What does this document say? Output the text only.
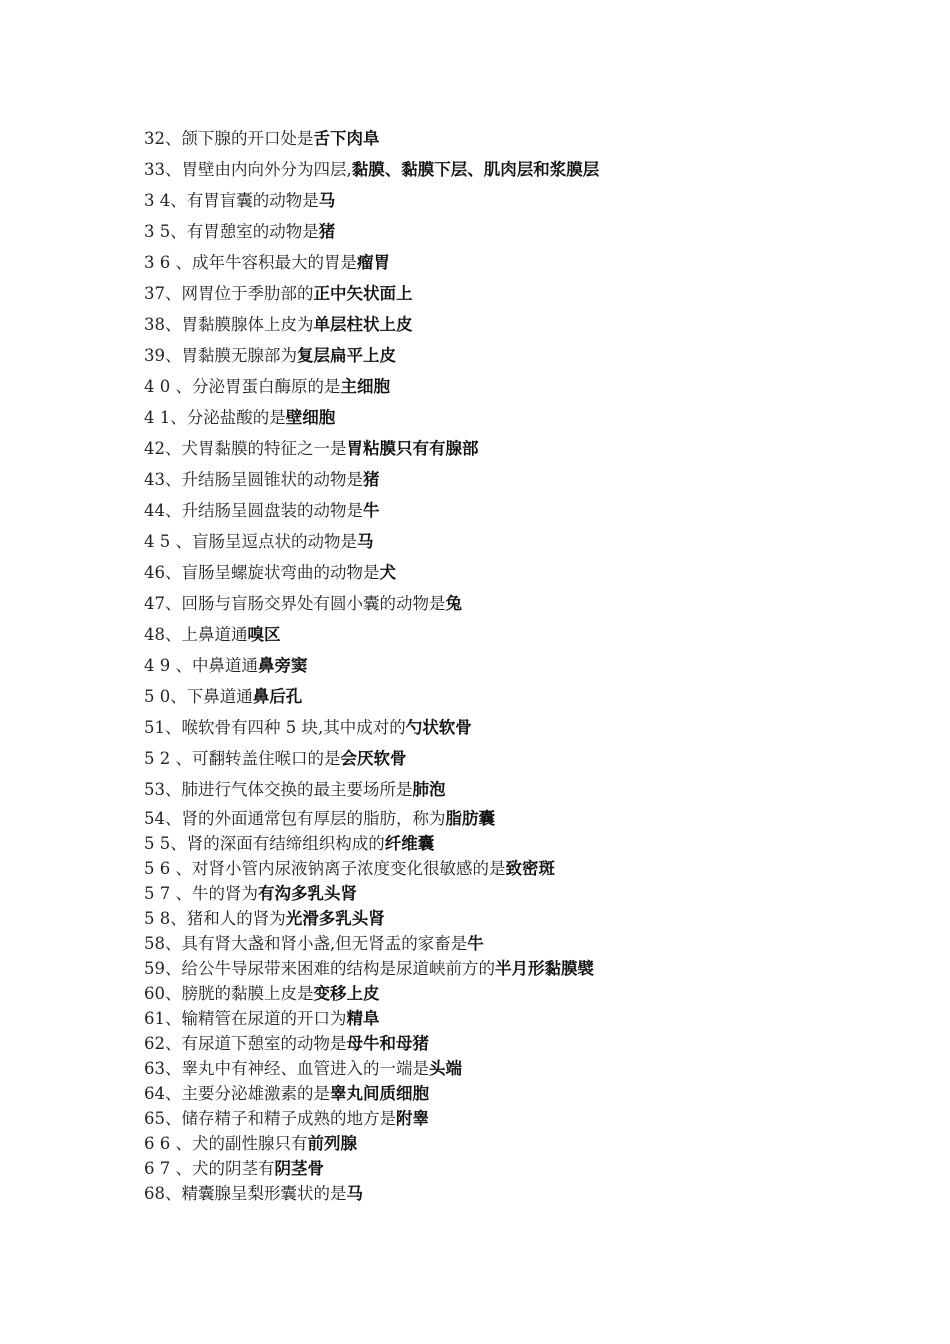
32、颌下腺的开口处是舌下肉阜
33、胃壁由内向外分为四层,黏膜、黏膜下层、肌肉层和浆膜层
3 4、有胃盲囊的动物是马
3 5、有胃憩室的动物是猪
3 6 、成年牛容积最大的胃是瘤胃
37、网胃位于季肋部的正中矢状面上
38、胃黏膜腺体上皮为单层柱状上皮
39、胃黏膜无腺部为复层扁平上皮
4 0 、分泌胃蛋白酶原的是主细胞
4 1、分泌盐酸的是壁细胞
42、犬胃黏膜的特征之一是胃粘膜只有有腺部
43、升结肠呈圆锥状的动物是猪
44、升结肠呈圆盘装的动物是牛
4 5 、盲肠呈逗点状的动物是马
46、盲肠呈螺旋状弯曲的动物是犬
47、回肠与盲肠交界处有圆小囊的动物是兔
48、上鼻道通嗅区
4 9 、中鼻道通鼻旁窦
5 0、下鼻道通鼻后孔
51、喉软骨有四种 5 块,其中成对的勺状软骨
5 2 、可翻转盖住喉口的是会厌软骨
53、肺进行气体交换的最主要场所是肺泡
54、肾的外面通常包有厚层的脂肪，称为脂肪囊
5 5、肾的深面有结缔组织构成的纤维囊
5 6 、对肾小管内尿液钠离子浓度变化很敏感的是致密斑
5 7 、牛的肾为有沟多乳头肾
5 8、猪和人的肾为光滑多乳头肾
58、具有肾大盏和肾小盏,但无肾盂的家畜是牛
59、给公牛导尿带来困难的结构是尿道峡前方的半月形黏膜襞
60、膀胱的黏膜上皮是变移上皮
61、输精管在尿道的开口为精阜
62、有尿道下憩室的动物是母牛和母猪
63、睾丸中有神经、血管进入的一端是头端
64、主要分泌雄激素的是睾丸间质细胞
65、储存精子和精子成熟的地方是附睾
6 6 、犬的副性腺只有前列腺
6 7 、犬的阴茎有阴茎骨
68、精囊腺呈梨形囊状的是马
